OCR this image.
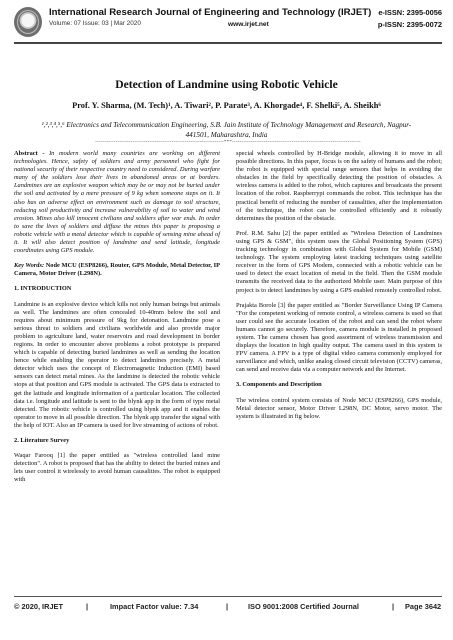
International Research Journal of Engineering and Technology (IRJET)
Volume: 07 Issue: 03 | Mar 2020	www.irjet.net
e-ISSN: 2395-0056
p-ISSN: 2395-0072
Detection of Landmine using Robotic Vehicle
Prof. Y. Sharma, (M. Tech)¹, A. Tiwari², P. Parate³, A. Khorgade⁴, F. Shelki⁵, A. Sheikh⁶
¹,²,³,⁴,⁵,⁶ Electronics and Telecommunication Engineering, S.B. Jain Institute of Technology Management and Research, Nagpur-441501, Maharashtra, India
---------------------------------------------------------------------***---------------------------------------------------------------------

Abstract - In modern world many countries are working on different technologies. Hence, safety of soldiers and army personnel who fight for national security of their respective country need to considered. During warfare many of the soldiers lose their lives in abandoned areas or at borders. Landmines are an explosive weapon which may be or may not be buried under the soil and activated by a mere pressure of 9 kg when someone steps on it. It also has an adverse effect on environment such as damage to soil structure, reducing soil productivity and increase vulnerability of soil to water and wind erosion. Mines also kill innocent civilians and soldiers after war ends. In order to save the lives of soldiers and diffuse the mines this paper is proposing a robotic vehicle with a metal detector which is capable of sensing mine ahead of it. It will also detect position of landmine and send latitude, longitude coordinates using GPS module.

Key Words: Node MCU (ESP8266), Router, GPS Module, Metal Detector, IP Camera, Motor Driver (L298N).

1. INTRODUCTION

Landmine is an explosive device which kills not only human beings but animals as well. The landmines are often concealed 10-40mm below the soil and requires about minimum pressure of 9kg for detonation. Landmine pose a serious threat to soldiers and civilians worldwide and also provide major problem to agriculture land, water reservoirs and road development in border regions. In order to encounter above problems a robot prototype is prepared which is capable of detecting buried landmines as well as sending the location hence while enabling the operator to detect landmines precisely. A metal detector which uses the concept of Electromagnetic Induction (EMI) based sensors can detect metal mines. As the landmine is detected the robotic vehicle stops at that position and GPS module is activated. The GPS data is extracted to get the latitude and longitude information of a particular location. The collected data i.e. longitude and latitude is sent to the blynk app in the form of type metal detected. The robotic vehicle is controlled using blynk app and it enables the operator to move in all possible direction. The blynk app transfer the signal with the help of IOT. Also an IP camera is used for live streaming of actions of robot.

2. Literature Survey

Waqar Farooq [1] the paper entitled as "wireless controlled land mine detection". A robot is proposed that has the ability to detect the buried mines and lets user control it wirelessly to avoid human causalities. The robot is equipped with

special wheels controlled by H-Bridge module, allowing it to move in all possible directions. In this paper, focus is on the safety of humans and the robot; the robot is equipped with special range sensors that helps in avoiding the obstacles in the field by specifically detecting the position of obstacles. A wireless camera is added to the robot, which captures and broadcasts the present location of the robot. Raspberrypi commands the robot. This technique has the practical benefit of reducing the number of causalities, after the implementation of the technique, the robot can be controlled efficiently and it robustly determines the position of the obstacle.

Prof. R.M. Sahu [2] the paper entitled as "Wireless Detection of Landmines using GPS & GSM", this system uses the Global Positioning System (GPS) tracking technology in combination with Global System for Mobile (GSM) technology. The system employing latest tracking techniques using satellite receiver in the form of GPS Modem, connected with a robotic vehicle can be used to detect the exact location of metal in the field. Then the GSM module transmits the received data to the authorized Mobile user. Main purpose of this project is to detect landmines by using a GPS enabled remotely controlled robot.

Prajakta Borole [3] the paper entitled as "Border Surveillance Using IP Camera "For the competent working of remote control, a wireless camera is used so that user could see the accurate location of the robot and can send the robot where humans cannot go securely. Therefore, camera module is installed in proposed system. The camera chosen has good assortment of wireless transmission and displays the location in high quality output. The camera used in this system is FPV camera. A FPV is a type of digital video camera commonly employed for surveillance and which, unlike analog closed circuit television (CCTV) cameras, can send and receive data via a computer network and the Internet.

3. Components and Description

The wireless control system consists of Node MCU (ESP8266), GPS module, Metal detector sensor, Motor Driver L298N, DC Motor, servo motor. The system is illustrated in fig below.

© 2020, IRJET	|	Impact Factor value: 7.34	|	ISO 9001:2008 Certified Journal	| Page 3642
